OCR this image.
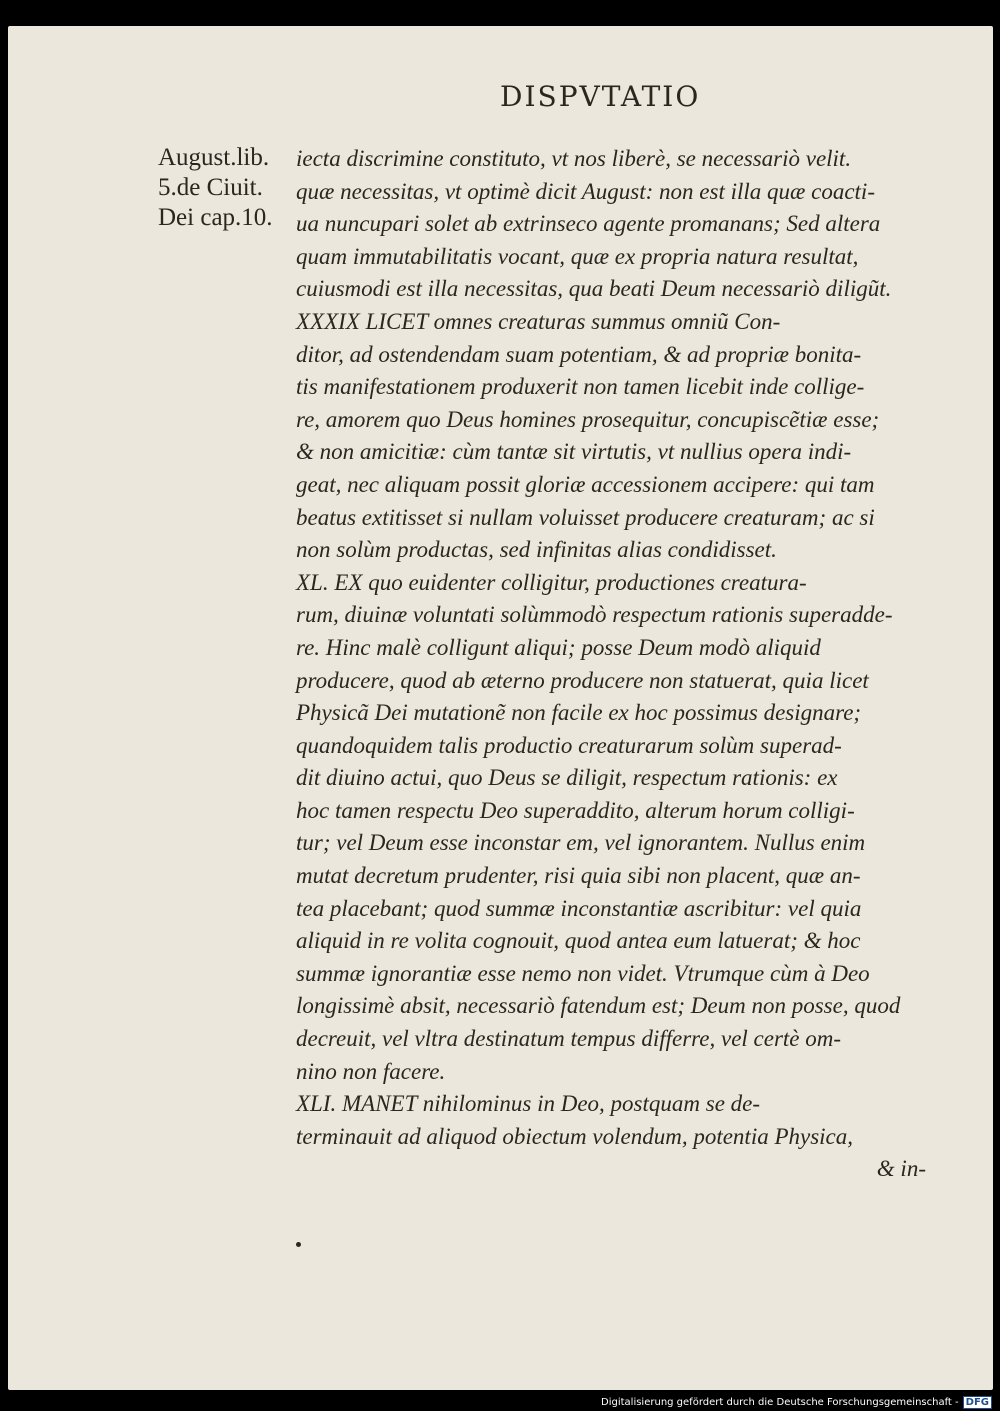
DISPVTATIO
August.lib.
5.de Ciuit.
Dei cap.10.
iecta discrimine constituto, vt nos liberè, se necessariò velit.
quæ necessitas, vt optimè dicit August: non est illa quæ coacti-
ua nuncupari solet ab extrinseco agente promanans; Sed altera
quam immutabilitatis vocant, quæ ex propria natura resultat,
cuiusmodi est illa necessitas, qua beati Deum necessariò diligũt.
XXXIX LICET omnes creaturas summus omniũ Con-
ditor, ad ostendendam suam potentiam, & ad propriæ bonita-
tis manifestationem produxerit non tamen licebit inde collige-
re, amorem quo Deus homines prosequitur, concupiscẽtiæ esse;
& non amicitiæ: cùm tantæ sit virtutis, vt nullius opera indi-
geat, nec aliquam possit gloriæ accessionem accipere: qui tam
beatus extitisset si nullam voluisset producere creaturam; ac si
non solùm productas, sed infinitas alias condidisset.
XL. EX quo euidenter colligitur, productiones creatura-
rum, diuinæ voluntati solùmmodò respectum rationis superadde-
re. Hinc malè colligunt aliqui; posse Deum modò aliquid
producere, quod ab æterno producere non statuerat, quia licet
Physicã Dei mutationẽ non facile ex hoc possimus designare;
quandoquidem talis productio creaturarum solùm superad-
dit diuino actui, quo Deus se diligit, respectum rationis: ex
hoc tamen respectu Deo superaddito, alterum horum colligi-
tur; vel Deum esse inconstar em, vel ignorantem. Nullus enim
mutat decretum prudenter, risi quia sibi non placent, quæ an-
tea placebant; quod summæ inconstantiæ ascribitur: vel quia
aliquid in re volita cognouit, quod antea eum latuerat; & hoc
summæ ignorantiæ esse nemo non videt. Vtrumque cùm à Deo
longissimè absit, necessariò fatendum est; Deum non posse, quod
decreuit, vel vltra destinatum tempus differre, vel certè om-
nino non facere.
XLI. MANET nihilominus in Deo, postquam se de-
terminauit ad aliquod obiectum volendum, potentia Physica,
& in-
Digitalisierung gefördert durch die Deutsche Forschungsgemeinschaft - DFG
